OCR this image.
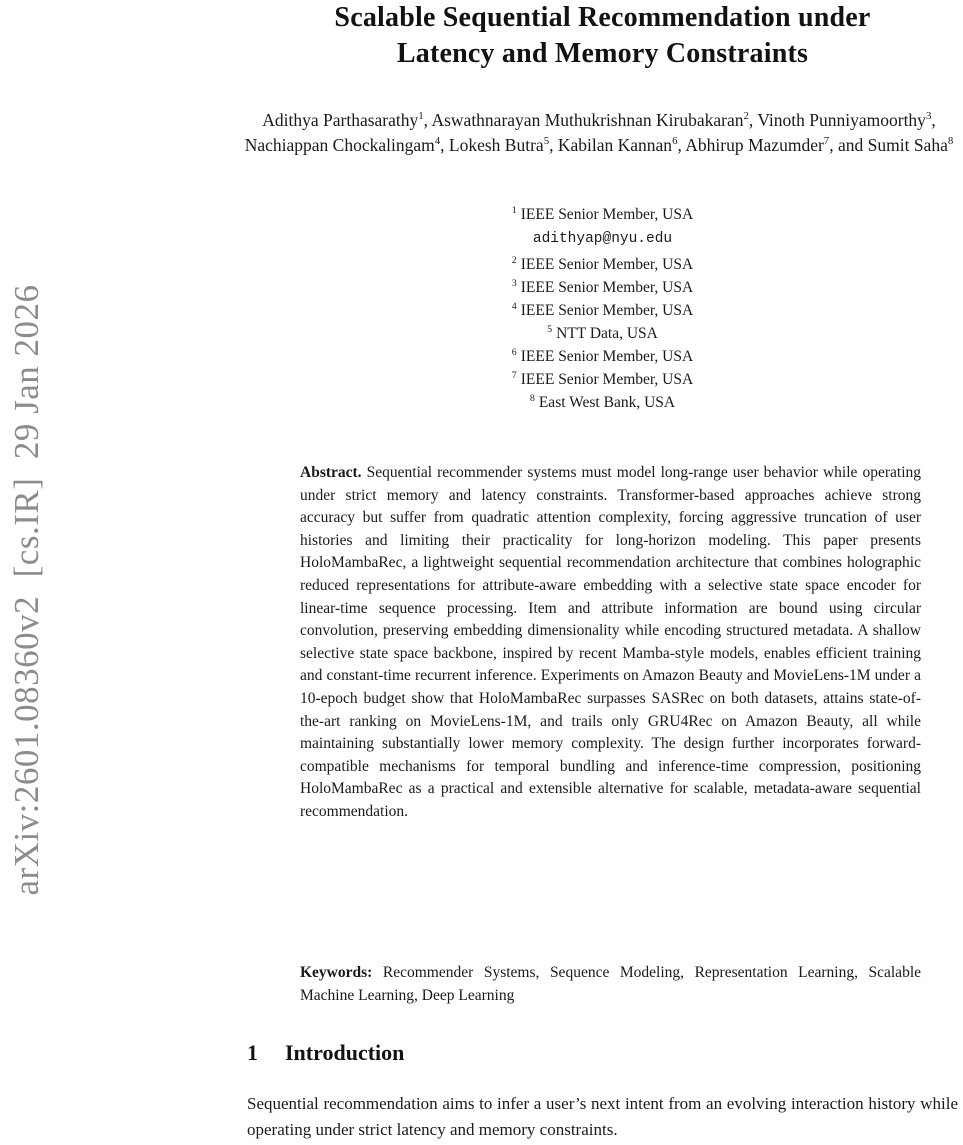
arXiv:2601.08360v2  [cs.IR]  29 Jan 2026
Scalable Sequential Recommendation under
Latency and Memory Constraints
Adithya Parthasarathy$^1$, Aswathnarayan Muthukrishnan Kirubakaran$^2$, Vinoth Punniyamoorthy$^3$, Nachiappan Chockalingam$^4$, Lokesh Butra$^5$, Kabilan Kannan$^6$, Abhirup Mazumder$^7$, and Sumit Saha$^8$
$^1$ IEEE Senior Member, USA
adithyap@nyu.edu
$^2$ IEEE Senior Member, USA
$^3$ IEEE Senior Member, USA
$^4$ IEEE Senior Member, USA
$^5$ NTT Data, USA
$^6$ IEEE Senior Member, USA
$^7$ IEEE Senior Member, USA
$^8$ East West Bank, USA
Abstract. Sequential recommender systems must model long-range user behavior while operating under strict memory and latency constraints. Transformer-based approaches achieve strong accuracy but suffer from quadratic attention complexity, forcing aggressive truncation of user histories and limiting their practicality for long-horizon modeling. This paper presents HoloMambaRec, a lightweight sequential recommendation architecture that combines holographic reduced representations for attribute-aware embedding with a selective state space encoder for linear-time sequence processing. Item and attribute information are bound using circular convolution, preserving embedding dimensionality while encoding structured metadata. A shallow selective state space backbone, inspired by recent Mamba-style models, enables efficient training and constant-time recurrent inference. Experiments on Amazon Beauty and MovieLens-1M under a 10-epoch budget show that HoloMambaRec surpasses SASRec on both datasets, attains state-of-the-art ranking on MovieLens-1M, and trails only GRU4Rec on Amazon Beauty, all while maintaining substantially lower memory complexity. The design further incorporates forward-compatible mechanisms for temporal bundling and inference-time compression, positioning HoloMambaRec as a practical and extensible alternative for scalable, metadata-aware sequential recommendation.
Keywords: Recommender Systems, Sequence Modeling, Representation Learning, Scalable Machine Learning, Deep Learning
1 Introduction

Sequential recommendation aims to infer a user’s next intent from an evolving interaction history while operating under strict latency and memory constraints.
